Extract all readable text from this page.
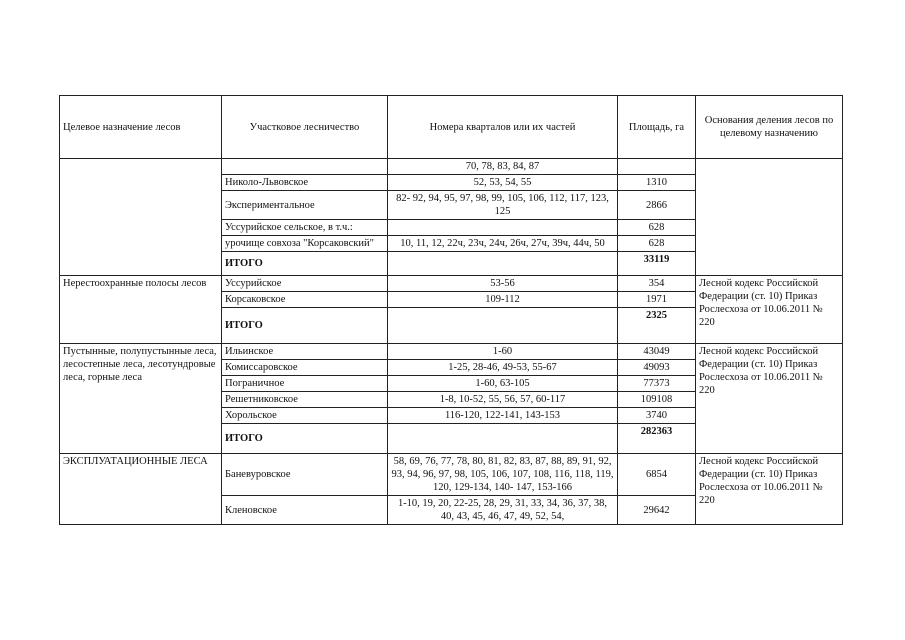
Целевое назначение лесов	Участковое лесничество	Номера кварталов или их частей	Площадь, га	Основания деления лесов по целевому назначению
		70, 78, 83, 84, 87		
	Николо-Львовское	52, 53, 54, 55	1310	
	Экспериментальное	82- 92, 94, 95, 97, 98, 99, 105, 106, 112, 117, 123, 125	2866	
	Уссурийское сельское, в т.ч.:		628	
	урочище совхоза "Корсаковский"	10, 11, 12, 22ч, 23ч, 24ч, 26ч, 27ч, 39ч, 44ч, 50	628	
	ИТОГО		33119	
Нерестоохранные полосы лесов	Уссурийское	53-56	354	Лесной кодекс Российской Федерации (ст. 10) Приказ Рослесхоза от 10.06.2011 № 220
	Корсаковское	109-112	1971	
	ИТОГО		2325	
Пустынные, полупустынные леса, лесостепные леса, лесотундровые леса, горные леса	Ильинское	1-60	43049	Лесной кодекс Российской Федерации (ст. 10) Приказ Рослесхоза от 10.06.2011 № 220
	Комиссаровское	1-25, 28-46, 49-53, 55-67	49093	
	Пограничное	1-60, 63-105	77373	
	Решетниковское	1-8, 10-52, 55, 56, 57, 60-117	109108	
	Хорольское	116-120, 122-141, 143-153	3740	
	ИТОГО		282363	
ЭКСПЛУАТАЦИОННЫЕ ЛЕСА	Баневуровское	58, 69, 76, 77, 78, 80, 81, 82, 83, 87, 88, 89, 91, 92, 93, 94, 96, 97, 98, 105, 106, 107, 108, 116, 118, 119, 120, 129-134, 140- 147, 153-166	6854	Лесной кодекс Российской Федерации (ст. 10) Приказ Рослесхоза от 10.06.2011 № 220
	Кленовское	1-10, 19, 20, 22-25, 28, 29, 31, 33, 34, 36, 37, 38, 40, 43, 45, 46, 47, 49, 52, 54,	29642	
